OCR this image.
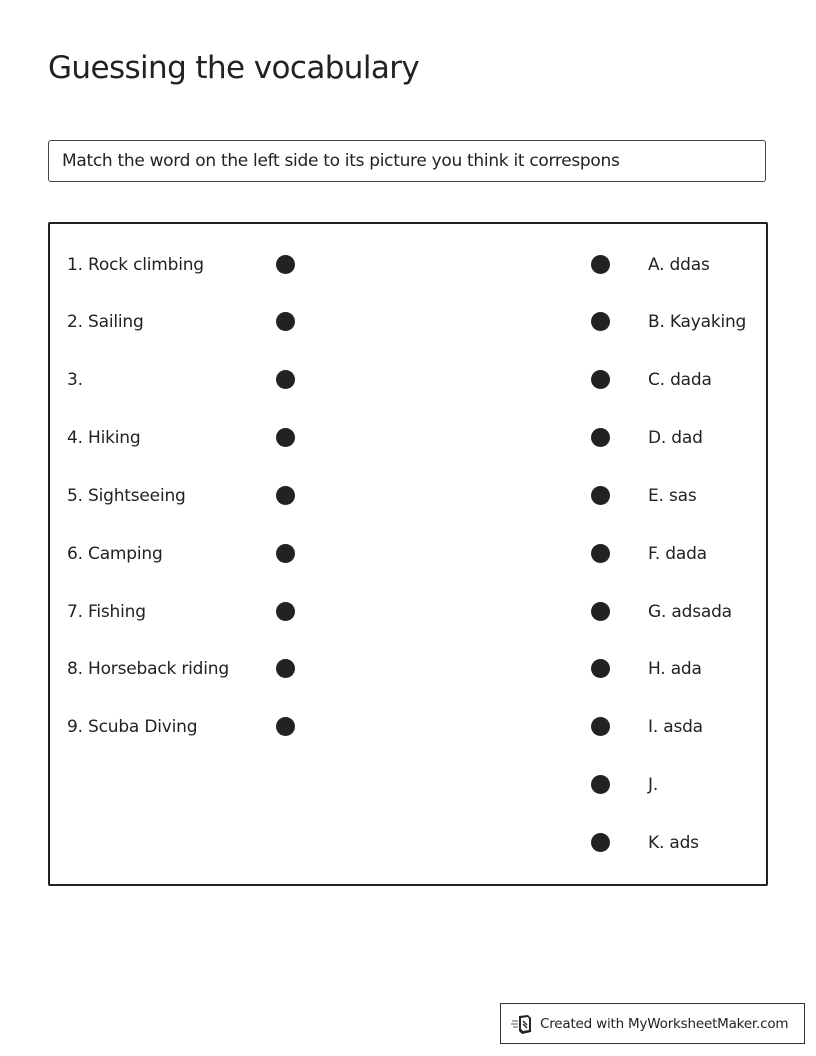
Guessing the vocabulary
Match the word on the left side to its picture you think it correspons
1. Rock climbing
2. Sailing
3.
4. Hiking
5. Sightseeing
6. Camping
7. Fishing
8. Horseback riding
9. Scuba Diving
A. ddas
B. Kayaking
C. dada
D. dad
E. sas
F. dada
G. adsada
H. ada
I. asda
J.
K. ads
Created with MyWorksheetMaker.com
